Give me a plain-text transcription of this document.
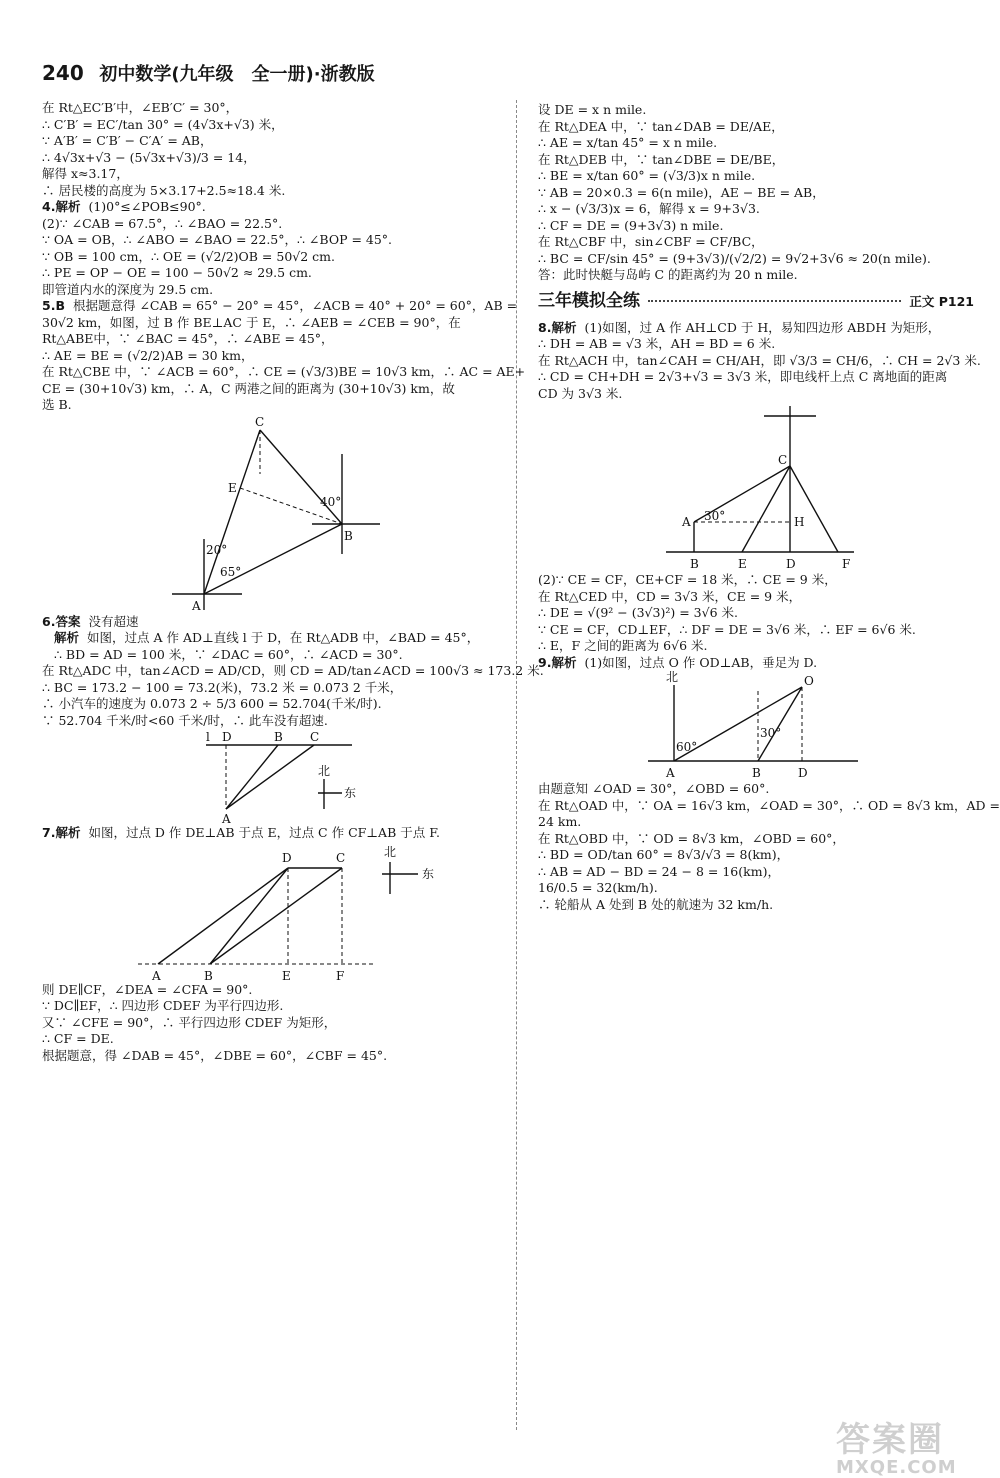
240 初中数学(九年级　全一册)·浙教版
在 Rt△EC′B′中，∠EB′C′ = 30°，
∴ C′B′ = EC′/tan 30° = (4√3x+√3) 米，
∵ A′B′ = C′B′ − C′A′ = AB，
∴ 4√3x+√3 − (5√3x+√3)/3 = 14，
解得 x≈3.17，
∴ 居民楼的高度为 5×3.17+2.5≈18.4 米.
4.解析 (1)0°≤∠POB≤90°.
(2)∵ ∠CAB = 67.5°，∴ ∠BAO = 22.5°.
∵ OA = OB，∴ ∠ABO = ∠BAO = 22.5°，∴ ∠BOP = 45°.
∵ OB = 100 cm，∴ OE = (√2/2)OB = 50√2 cm.
∴ PE = OP − OE = 100 − 50√2 ≈ 29.5 cm.
即管道内水的深度为 29.5 cm.
5.B 根据题意得 ∠CAB = 65° − 20° = 45°，∠ACB = 40° + 20° = 60°，AB =
30√2 km，如图，过 B 作 BE⊥AC 于 E，∴ ∠AEB = ∠CEB = 90°，在
Rt△ABE中，∵ ∠BAC = 45°，∴ ∠ABE = 45°，
∴ AE = BE = (√2/2)AB = 30 km，
在 Rt△CBE 中，∵ ∠ACB = 60°，∴ CE = (√3/3)BE = 10√3 km，∴ AC = AE+
CE = (30+10√3) km，∴ A，C 两港之间的距离为 (30+10√3) km，故
选 B.
C
E
B
A
40°
20°
65°
6.答案 没有超速
解析 如图，过点 A 作 AD⊥直线 l 于 D，在 Rt△ADB 中，∠BAD = 45°，
∴ BD = AD = 100 米，∵ ∠DAC = 60°，∴ ∠ACD = 30°.
在 Rt△ADC 中，tan∠ACD = AD/CD，则 CD = AD/tan∠ACD = 100√3 ≈ 173.2 米.
∴ BC = 173.2 − 100 = 73.2(米)，73.2 米 = 0.073 2 千米，
∴ 小汽车的速度为 0.073 2 ÷ 5/3 600 = 52.704(千米/时).
∵ 52.704 千米/时<60 千米/时，∴ 此车没有超速.
l D	B C
A
北
东
7.解析 如图，过点 D 作 DE⊥AB 于点 E，过点 C 作 CF⊥AB 于点 F.
D	C
A	B	E	F
北
东
则 DE∥CF，∠DEA = ∠CFA = 90°.
∵ DC∥EF，∴ 四边形 CDEF 为平行四边形.
又∵ ∠CFE = 90°，∴ 平行四边形 CDEF 为矩形，
∴ CF = DE.
根据题意，得 ∠DAB = 45°，∠DBE = 60°，∠CBF = 45°.
设 DE = x n mile.
在 Rt△DEA 中，∵ tan∠DAB = DE/AE，
∴ AE = x/tan 45° = x n mile.
在 Rt△DEB 中，∵ tan∠DBE = DE/BE，
∴ BE = x/tan 60° = (√3/3)x n mile.
∵ AB = 20×0.3 = 6(n mile)，AE − BE = AB，
∴ x − (√3/3)x = 6，解得 x = 9+3√3.
∴ CF = DE = (9+3√3) n mile.
在 Rt△CBF 中，sin∠CBF = CF/BC，
∴ BC = CF/sin 45° = (9+3√3)/(√2/2) = 9√2+3√6 ≈ 20(n mile).
答：此时快艇与岛屿 C 的距离约为 20 n mile.
三年模拟全练	正文 P121
8.解析 (1)如图，过 A 作 AH⊥CD 于 H，易知四边形 ABDH 为矩形，
∴ DH = AB = √3 米，AH = BD = 6 米.
在 Rt△ACH 中，tan∠CAH = CH/AH，即 √3/3 = CH/6，∴ CH = 2√3 米.
∴ CD = CH+DH = 2√3+√3 = 3√3 米，即电线杆上点 C 离地面的距离
CD 为 3√3 米.
C
A 30°	H
B	E	D	F
(2)∵ CE = CF，CE+CF = 18 米，∴ CE = 9 米，
在 Rt△CED 中，CD = 3√3 米，CE = 9 米，
∴ DE = √(9² − (3√3)²) = 3√6 米.
∵ CE = CF，CD⊥EF，∴ DF = DE = 3√6 米，∴ EF = 6√6 米.
∴ E，F 之间的距离为 6√6 米.
9.解析 (1)如图，过点 O 作 OD⊥AB，垂足为 D.
北	O
60°
30°
A	B	D
由题意知 ∠OAD = 30°，∠OBD = 60°.
在 Rt△OAD 中，∵ OA = 16√3 km，∠OAD = 30°，∴ OD = 8√3 km，AD =
24 km.
在 Rt△OBD 中，∵ OD = 8√3 km，∠OBD = 60°，
∴ BD = OD/tan 60° = 8√3/√3 = 8(km)，
∴ AB = AD − BD = 24 − 8 = 16(km)，
16/0.5 = 32(km/h).
∴ 轮船从 A 处到 B 处的航速为 32 km/h.
答案圈
MXQE.COM
